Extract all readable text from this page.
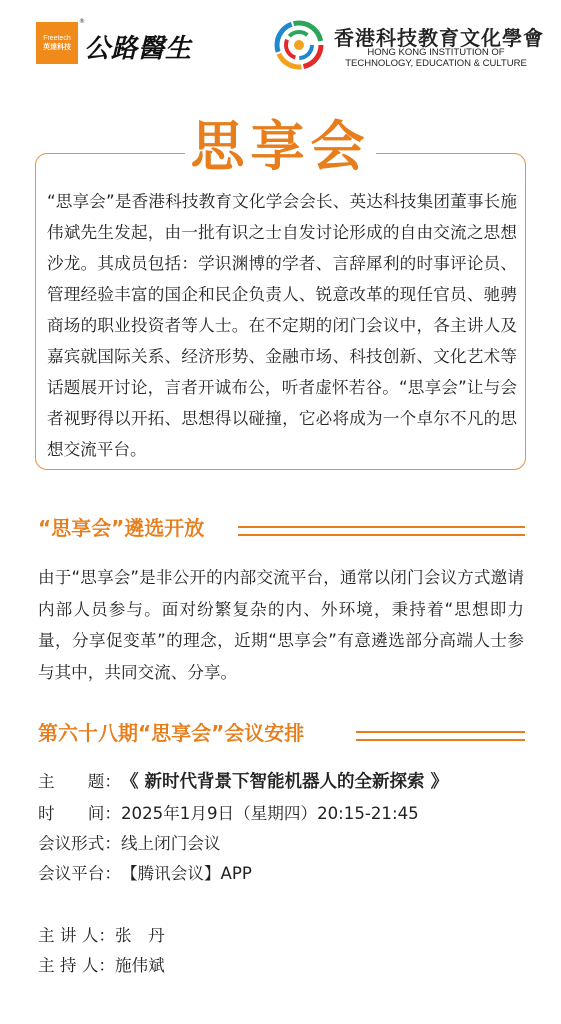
Freetech
英達科技
®
公路醫生	香港科技教育文化學會
HONG KONG INSTITUTION OF
TECHNOLOGY, EDUCATION & CULTURE
思享会
“思享会”是香港科技教育文化学会会长、英达科技集团董事长施伟斌先生发起，由一批有识之士自发讨论形成的自由交流之思想沙龙。其成员包括：学识渊博的学者、言辞犀利的时事评论员、管理经验丰富的国企和民企负责人、锐意改革的现任官员、驰骋商场的职业投资者等人士。在不定期的闭门会议中，各主讲人及嘉宾就国际关系、经济形势、金融市场、科技创新、文化艺术等话题展开讨论，言者开诚布公，听者虚怀若谷。“思享会”让与会者视野得以开拓、思想得以碰撞，它必将成为一个卓尔不凡的思想交流平台。
“思享会”遴选开放
由于“思享会”是非公开的内部交流平台，通常以闭门会议方式邀请内部人员参与。面对纷繁复杂的内、外环境，秉持着“思想即力量，分享促变革”的理念，近期“思享会”有意遴选部分高端人士参与其中，共同交流、分享。
第六十八期“思享会”会议安排
主　　题：《 新时代背景下智能机器人的全新探索 》
时　　间：2025年1月9日（星期四）20:15-21:45
会议形式：线上闭门会议
会议平台：【腾讯会议】APP
主 讲 人：张　丹
主 持 人：施伟斌
